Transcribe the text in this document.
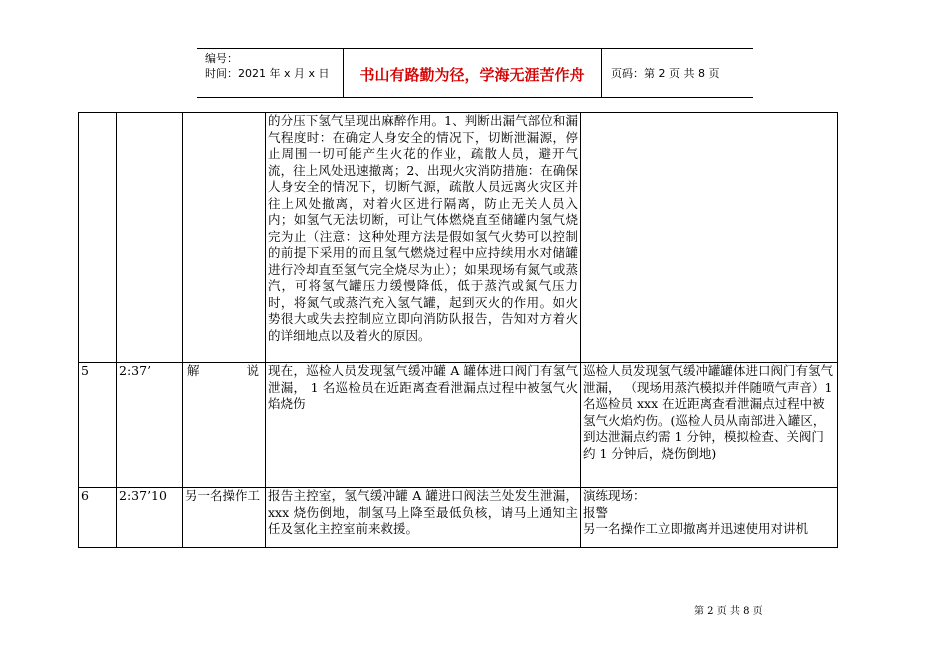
编号：
时间：2021 年 x 月 x 日	书山有路勤为径，学海无涯苦作舟	页码：第 2 页 共 8 页
			的分压下氢气呈现出麻醉作用。1、判断出漏气部位和漏气程度时：在确定人身安全的情况下，切断泄漏源，停止周围一切可能产生火花的作业，疏散人员，避开气流，往上风处迅速撤离；2、出现火灾消防措施：在确保人身安全的情况下，切断气源，疏散人员远离火灾区并往上风处撤离，对着火区进行隔离，防止无关人员入内；如氢气无法切断，可让气体燃烧直至储罐内氢气烧完为止（注意：这种处理方法是假如氢气火势可以控制的前提下采用的而且氢气燃烧过程中应持续用水对储罐进行冷却直至氢气完全烧尽为止）；如果现场有氮气或蒸汽，可将氢气罐压力缓慢降低，低于蒸汽或氮气压力时，将氮气或蒸汽充入氢气罐，起到灭火的作用。如火势很大或失去控制应立即向消防队报告，告知对方着火的详细地点以及着火的原因。	
5	2:37’	解 说	现在，巡检人员发现氢气缓冲罐 A 罐体进口阀门有氢气泄漏， 1 名巡检员在近距离查看泄漏点过程中被氢气火焰烧伤	巡检人员发现氢气缓冲罐罐体进口阀门有氢气泄漏， （现场用蒸汽模拟并伴随喷气声音）1 名巡检员 xxx 在近距离查看泄漏点过程中被氢气火焰灼伤。(巡检人员从南部进入罐区，到达泄漏点约需 1 分钟，模拟检查、关阀门约 1 分钟后，烧伤倒地)
6	2:37’10	另一名操作工	报告主控室，氢气缓冲罐 A 罐进口阀法兰处发生泄漏，xxx 烧伤倒地，制氢马上降至最低负核，请马上通知主任及氢化主控室前来救援。	演练现场：
报警
另一名操作工立即撤离并迅速使用对讲机
第 2 页 共 8 页
